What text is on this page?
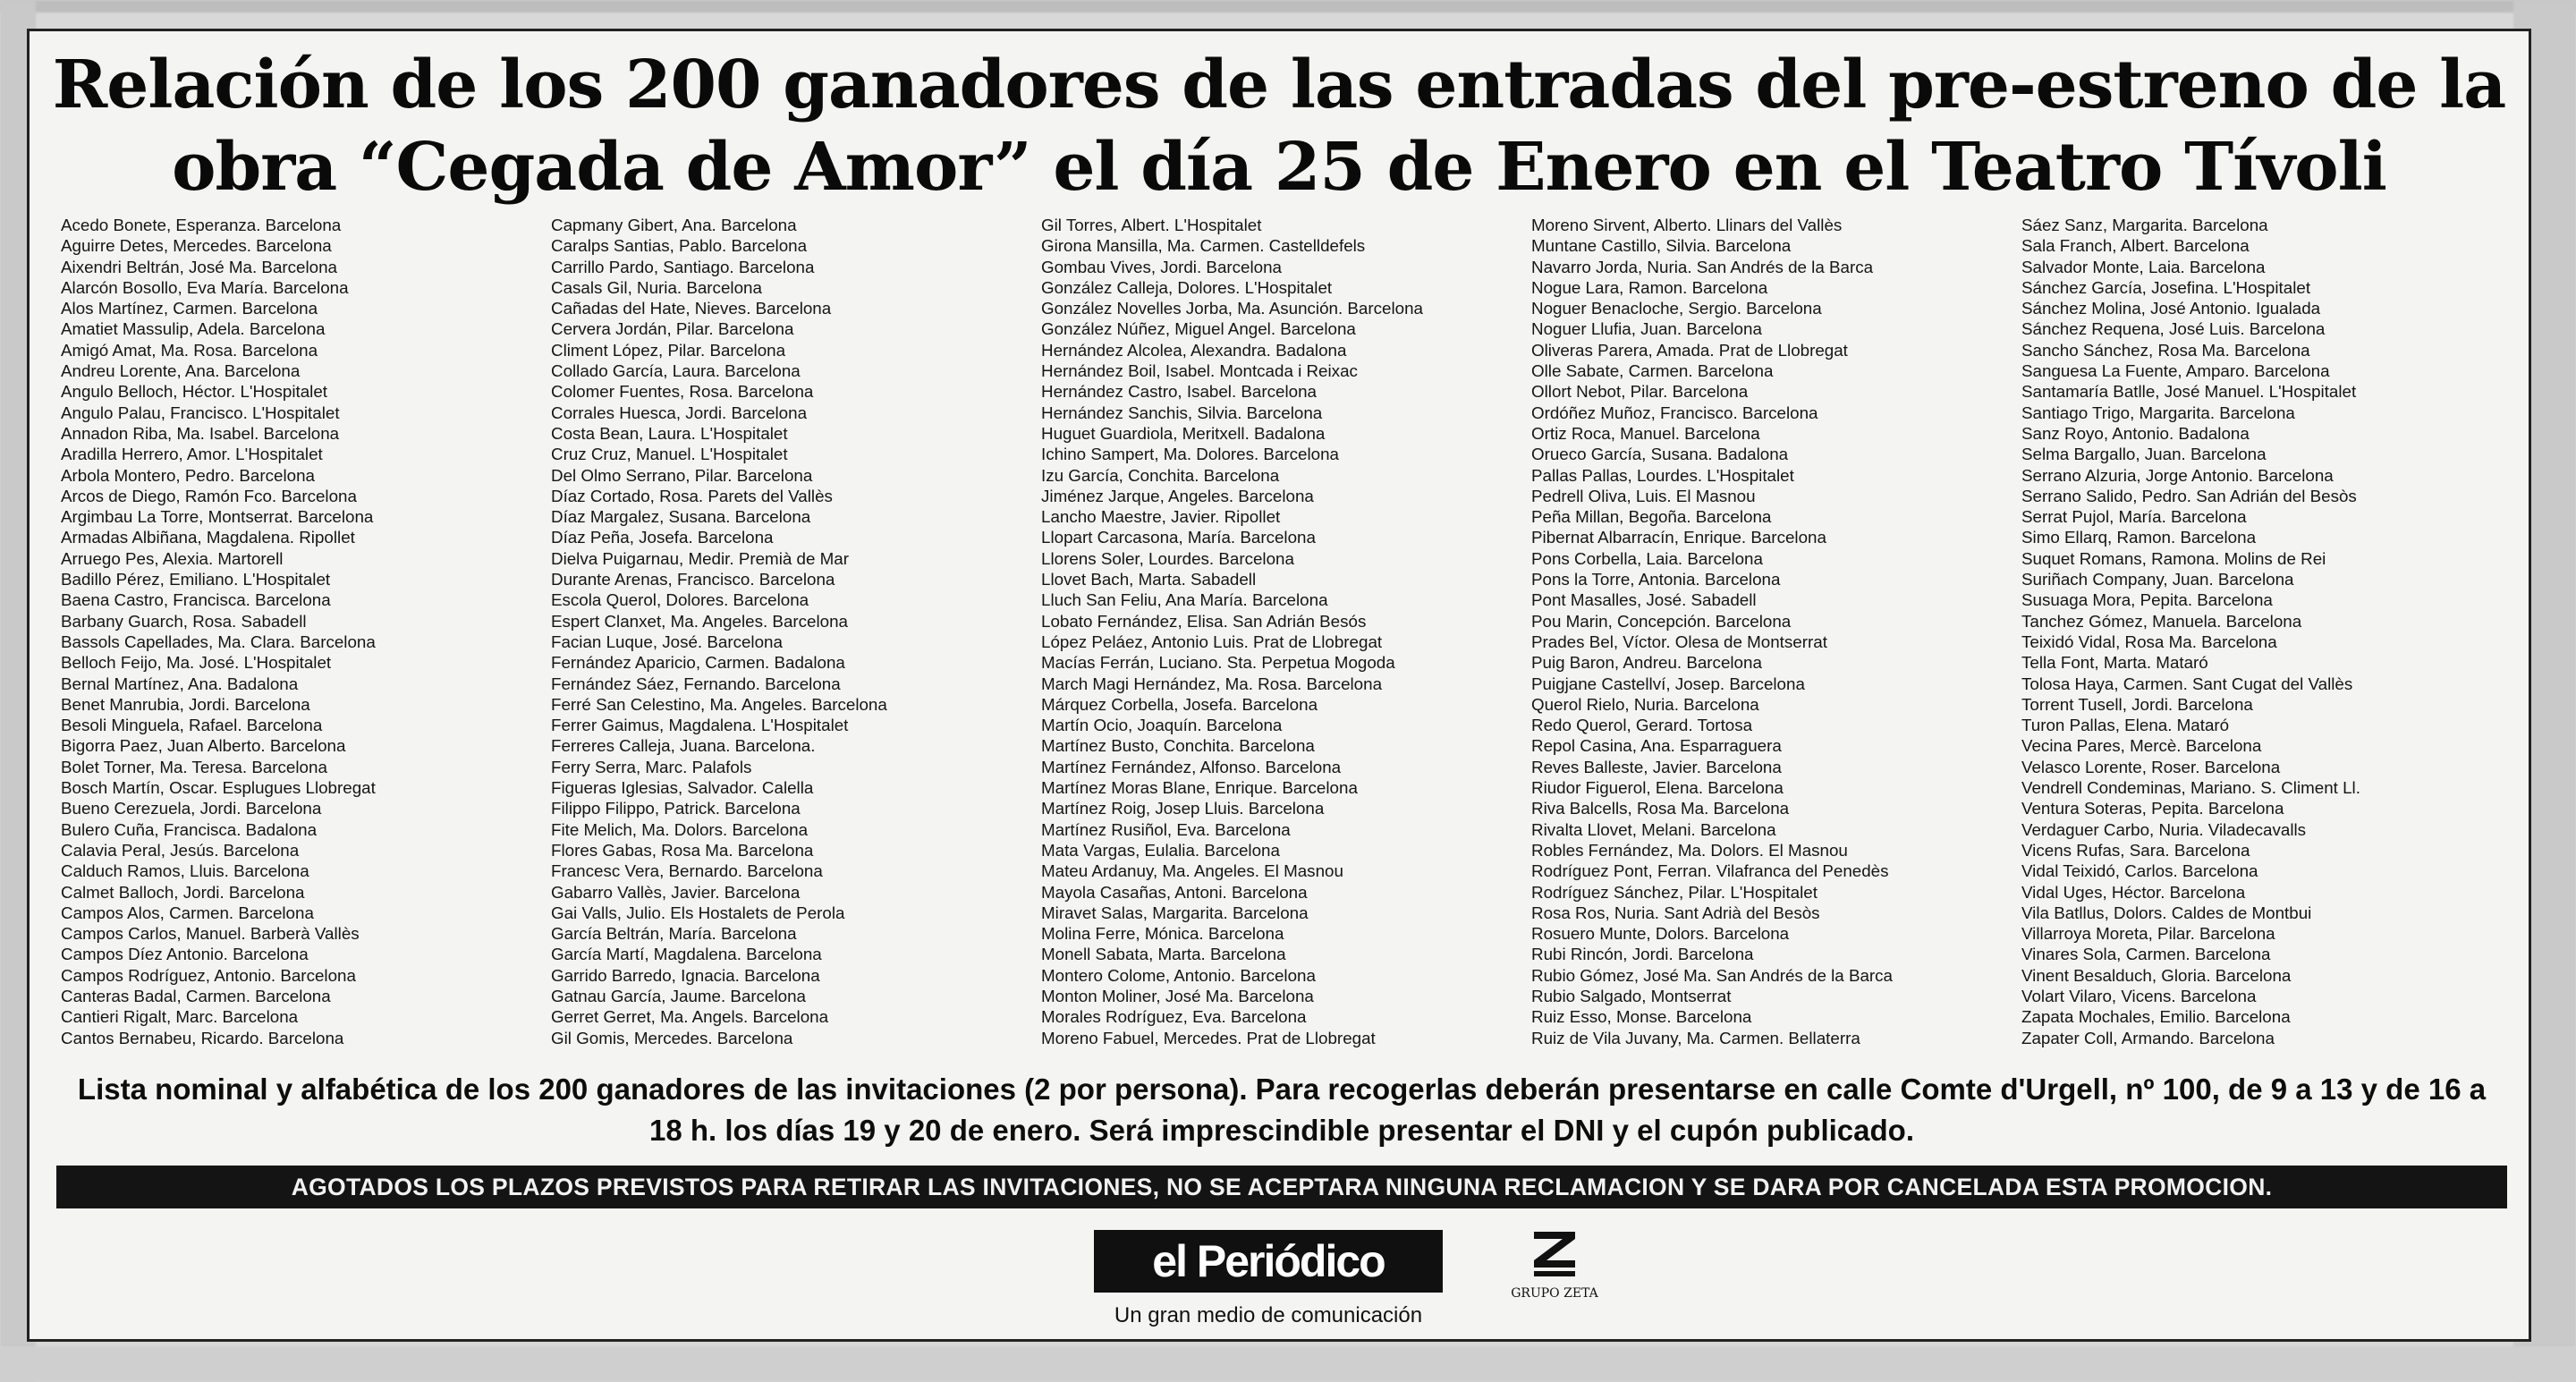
Relación de los 200 ganadores de las entradas del pre-estreno de la obra “Cegada de Amor” el día 25 de Enero en el Teatro Tívoli
Acedo Bonete, Esperanza. Barcelona
Aguirre Detes, Mercedes. Barcelona
Aixendri Beltrán, José Ma. Barcelona
Alarcón Bosollo, Eva María. Barcelona
Alos Martínez, Carmen. Barcelona
Amatiet Massulip, Adela. Barcelona
Amigó Amat, Ma. Rosa. Barcelona
Andreu Lorente, Ana. Barcelona
Angulo Belloch, Héctor. L'Hospitalet
Angulo Palau, Francisco. L'Hospitalet
Annadon Riba, Ma. Isabel. Barcelona
Aradilla Herrero, Amor. L'Hospitalet
Arbola Montero, Pedro. Barcelona
Arcos de Diego, Ramón Fco. Barcelona
Argimbau La Torre, Montserrat. Barcelona
Armadas Albiñana, Magdalena. Ripollet
Arruego Pes, Alexia. Martorell
Badillo Pérez, Emiliano. L'Hospitalet
Baena Castro, Francisca. Barcelona
Barbany Guarch, Rosa. Sabadell
Bassols Capellades, Ma. Clara. Barcelona
Belloch Feijo, Ma. José. L'Hospitalet
Bernal Martínez, Ana. Badalona
Benet Manrubia, Jordi. Barcelona
Besoli Minguela, Rafael. Barcelona
Bigorra Paez, Juan Alberto. Barcelona
Bolet Torner, Ma. Teresa. Barcelona
Bosch Martín, Oscar. Esplugues Llobregat
Bueno Cerezuela, Jordi. Barcelona
Bulero Cuña, Francisca. Badalona
Calavia Peral, Jesús. Barcelona
Calduch Ramos, Lluis. Barcelona
Calmet Balloch, Jordi. Barcelona
Campos Alos, Carmen. Barcelona
Campos Carlos, Manuel. Barberà Vallès
Campos Díez Antonio. Barcelona
Campos Rodríguez, Antonio. Barcelona
Canteras Badal, Carmen. Barcelona
Cantieri Rigalt, Marc. Barcelona
Cantos Bernabeu, Ricardo. Barcelona
Capmany Gibert, Ana. Barcelona
Caralps Santias, Pablo. Barcelona
Carrillo Pardo, Santiago. Barcelona
Casals Gil, Nuria. Barcelona
Cañadas del Hate, Nieves. Barcelona
Cervera Jordán, Pilar. Barcelona
Climent López, Pilar. Barcelona
Collado García, Laura. Barcelona
Colomer Fuentes, Rosa. Barcelona
Corrales Huesca, Jordi. Barcelona
Costa Bean, Laura. L'Hospitalet
Cruz Cruz, Manuel. L'Hospitalet
Del Olmo Serrano, Pilar. Barcelona
Díaz Cortado, Rosa. Parets del Vallès
Díaz Margalez, Susana. Barcelona
Díaz Peña, Josefa. Barcelona
Dielva Puigarnau, Medir. Premià de Mar
Durante Arenas, Francisco. Barcelona
Escola Querol, Dolores. Barcelona
Espert Clanxet, Ma. Angeles. Barcelona
Facian Luque, José. Barcelona
Fernández Aparicio, Carmen. Badalona
Fernández Sáez, Fernando. Barcelona
Ferré San Celestino, Ma. Angeles. Barcelona
Ferrer Gaimus, Magdalena. L'Hospitalet
Ferreres Calleja, Juana. Barcelona.
Ferry Serra, Marc. Palafols
Figueras Iglesias, Salvador. Calella
Filippo Filippo, Patrick. Barcelona
Fite Melich, Ma. Dolors. Barcelona
Flores Gabas, Rosa Ma. Barcelona
Francesc Vera, Bernardo. Barcelona
Gabarro Vallès, Javier. Barcelona
Gai Valls, Julio. Els Hostalets de Perola
García Beltrán, María. Barcelona
García Martí, Magdalena. Barcelona
Garrido Barredo, Ignacia. Barcelona
Gatnau García, Jaume. Barcelona
Gerret Gerret, Ma. Angels. Barcelona
Gil Gomis, Mercedes. Barcelona
Gil Torres, Albert. L'Hospitalet
Girona Mansilla, Ma. Carmen. Castelldefels
Gombau Vives, Jordi. Barcelona
González Calleja, Dolores. L'Hospitalet
González Novelles Jorba, Ma. Asunción. Barcelona
González Núñez, Miguel Angel. Barcelona
Hernández Alcolea, Alexandra. Badalona
Hernández Boil, Isabel. Montcada i Reixac
Hernández Castro, Isabel. Barcelona
Hernández Sanchis, Silvia. Barcelona
Huguet Guardiola, Meritxell. Badalona
Ichino Sampert, Ma. Dolores. Barcelona
Izu García, Conchita. Barcelona
Jiménez Jarque, Angeles. Barcelona
Lancho Maestre, Javier. Ripollet
Llopart Carcasona, María. Barcelona
Llorens Soler, Lourdes. Barcelona
Llovet Bach, Marta. Sabadell
Lluch San Feliu, Ana María. Barcelona
Lobato Fernández, Elisa. San Adrián Besós
López Peláez, Antonio Luis. Prat de Llobregat
Macías Ferrán, Luciano. Sta. Perpetua Mogoda
March Magi Hernández, Ma. Rosa. Barcelona
Márquez Corbella, Josefa. Barcelona
Martín Ocio, Joaquín. Barcelona
Martínez Busto, Conchita. Barcelona
Martínez Fernández, Alfonso. Barcelona
Martínez Moras Blane, Enrique. Barcelona
Martínez Roig, Josep Lluis. Barcelona
Martínez Rusiñol, Eva. Barcelona
Mata Vargas, Eulalia. Barcelona
Mateu Ardanuy, Ma. Angeles. El Masnou
Mayola Casañas, Antoni. Barcelona
Miravet Salas, Margarita. Barcelona
Molina Ferre, Mónica. Barcelona
Monell Sabata, Marta. Barcelona
Montero Colome, Antonio. Barcelona
Monton Moliner, José Ma. Barcelona
Morales Rodríguez, Eva. Barcelona
Moreno Fabuel, Mercedes. Prat de Llobregat
Moreno Sirvent, Alberto. Llinars del Vallès
Muntane Castillo, Silvia. Barcelona
Navarro Jorda, Nuria. San Andrés de la Barca
Nogue Lara, Ramon. Barcelona
Noguer Benacloche, Sergio. Barcelona
Noguer Llufia, Juan. Barcelona
Oliveras Parera, Amada. Prat de Llobregat
Olle Sabate, Carmen. Barcelona
Ollort Nebot, Pilar. Barcelona
Ordóñez Muñoz, Francisco. Barcelona
Ortiz Roca, Manuel. Barcelona
Orueco García, Susana. Badalona
Pallas Pallas, Lourdes. L'Hospitalet
Pedrell Oliva, Luis. El Masnou
Peña Millan, Begoña. Barcelona
Pibernat Albarracín, Enrique. Barcelona
Pons Corbella, Laia. Barcelona
Pons la Torre, Antonia. Barcelona
Pont Masalles, José. Sabadell
Pou Marin, Concepción. Barcelona
Prades Bel, Víctor. Olesa de Montserrat
Puig Baron, Andreu. Barcelona
Puigjane Castellví, Josep. Barcelona
Querol Rielo, Nuria. Barcelona
Redo Querol, Gerard. Tortosa
Repol Casina, Ana. Esparraguera
Reves Balleste, Javier. Barcelona
Riudor Figuerol, Elena. Barcelona
Riva Balcells, Rosa Ma. Barcelona
Rivalta Llovet, Melani. Barcelona
Robles Fernández, Ma. Dolors. El Masnou
Rodríguez Pont, Ferran. Vilafranca del Penedès
Rodríguez Sánchez, Pilar. L'Hospitalet
Rosa Ros, Nuria. Sant Adrià del Besòs
Rosuero Munte, Dolors. Barcelona
Rubi Rincón, Jordi. Barcelona
Rubio Gómez, José Ma. San Andrés de la Barca
Rubio Salgado, Montserrat
Ruiz Esso, Monse. Barcelona
Ruiz de Vila Juvany, Ma. Carmen. Bellaterra
Sáez Sanz, Margarita. Barcelona
Sala Franch, Albert. Barcelona
Salvador Monte, Laia. Barcelona
Sánchez García, Josefina. L'Hospitalet
Sánchez Molina, José Antonio. Igualada
Sánchez Requena, José Luis. Barcelona
Sancho Sánchez, Rosa Ma. Barcelona
Sanguesa La Fuente, Amparo. Barcelona
Santamaría Batlle, José Manuel. L'Hospitalet
Santiago Trigo, Margarita. Barcelona
Sanz Royo, Antonio. Badalona
Selma Bargallo, Juan. Barcelona
Serrano Alzuria, Jorge Antonio. Barcelona
Serrano Salido, Pedro. San Adrián del Besòs
Serrat Pujol, María. Barcelona
Simo Ellarq, Ramon. Barcelona
Suquet Romans, Ramona. Molins de Rei
Suriñach Company, Juan. Barcelona
Susuaga Mora, Pepita. Barcelona
Tanchez Gómez, Manuela. Barcelona
Teixidó Vidal, Rosa Ma. Barcelona
Tella Font, Marta. Mataró
Tolosa Haya, Carmen. Sant Cugat del Vallès
Torrent Tusell, Jordi. Barcelona
Turon Pallas, Elena. Mataró
Vecina Pares, Mercè. Barcelona
Velasco Lorente, Roser. Barcelona
Vendrell Condeminas, Mariano. S. Climent Ll.
Ventura Soteras, Pepita. Barcelona
Verdaguer Carbo, Nuria. Viladecavalls
Vicens Rufas, Sara. Barcelona
Vidal Teixidó, Carlos. Barcelona
Vidal Uges, Héctor. Barcelona
Vila Batllus, Dolors. Caldes de Montbui
Villarroya Moreta, Pilar. Barcelona
Vinares Sola, Carmen. Barcelona
Vinent Besalduch, Gloria. Barcelona
Volart Vilaro, Vicens. Barcelona
Zapata Mochales, Emilio. Barcelona
Zapater Coll, Armando. Barcelona

Lista nominal y alfabética de los 200 ganadores de las invitaciones (2 por persona). Para recogerlas deberán presentarse en calle Comte d'Urgell, nº 100, de 9 a 13 y de 16 a 18 h. los días 19 y 20 de enero. Será imprescindible presentar el DNI y el cupón publicado.

AGOTADOS LOS PLAZOS PREVISTOS PARA RETIRAR LAS INVITACIONES, NO SE ACEPTARA NINGUNA RECLAMACION Y SE DARA POR CANCELADA ESTA PROMOCION.
el Periódico
GRUPO ZETA
Un gran medio de comunicación
